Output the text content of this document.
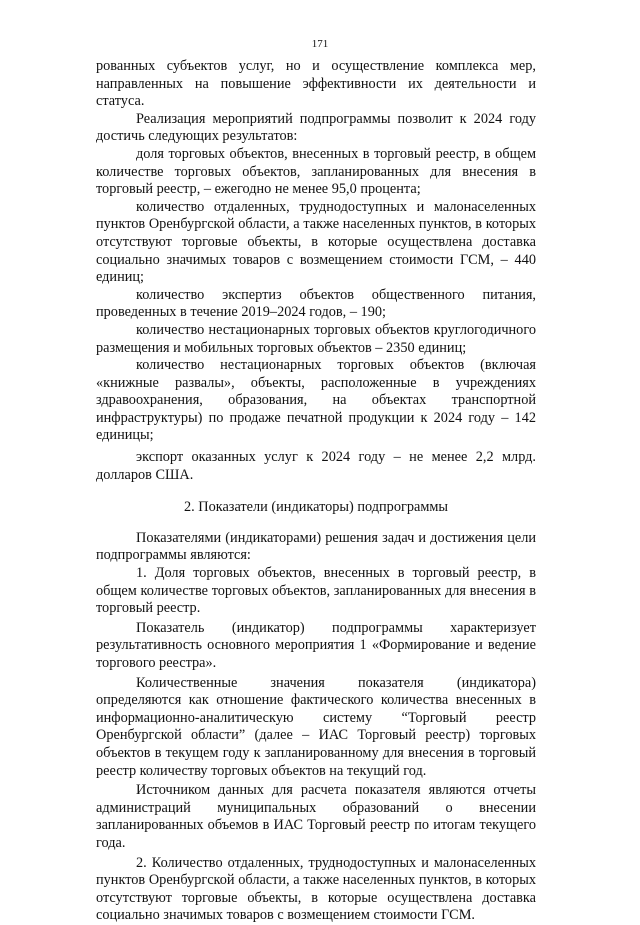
171

рованных субъектов услуг, но и осуществление комплекса мер, направленных на повышение эффективности их деятельности и статуса.

Реализация мероприятий подпрограммы позволит к 2024 году достичь следующих результатов:

доля торговых объектов, внесенных в торговый реестр, в общем количестве торговых объектов, запланированных для внесения в торговый реестр, – ежегодно не менее 95,0 процента;

количество отдаленных, труднодоступных и малонаселенных пунктов Оренбургской области, а также населенных пунктов, в которых отсутствуют торговые объекты, в которые осуществлена доставка социально значимых товаров с возмещением стоимости ГСМ, – 440 единиц;

количество экспертиз объектов общественного питания, проведенных в течение 2019–2024 годов, – 190;

количество нестационарных торговых объектов круглогодичного размещения и мобильных торговых объектов – 2350 единиц;

количество нестационарных торговых объектов (включая «книжные развалы», объекты, расположенные в учреждениях здравоохранения, образования, на объектах транспортной инфраструктуры) по продаже печатной продукции к 2024 году – 142 единицы;

экспорт оказанных услуг к 2024 году – не менее 2,2 млрд. долларов США.

2. Показатели (индикаторы) подпрограммы

Показателями (индикаторами) решения задач и достижения цели подпрограммы являются:

1. Доля торговых объектов, внесенных в торговый реестр, в общем количестве торговых объектов, запланированных для внесения в торговый реестр.

Показатель (индикатор) подпрограммы характеризует результативность основного мероприятия 1 «Формирование и ведение торгового реестра».

Количественные значения показателя (индикатора) определяются как отношение фактического количества внесенных в информационно-аналитическую систему “Торговый реестр Оренбургской области” (далее – ИАС Торговый реестр) торговых объектов в текущем году к запланированному для внесения в торговый реестр количеству торговых объектов на текущий год.

Источником данных для расчета показателя являются отчеты администраций муниципальных образований о внесении запланированных объемов в ИАС Торговый реестр по итогам текущего года.

2. Количество отдаленных, труднодоступных и малонаселенных пунктов Оренбургской области, а также населенных пунктов, в которых отсутствуют торговые объекты, в которые осуществлена доставка социально значимых товаров с возмещением стоимости ГСМ.
